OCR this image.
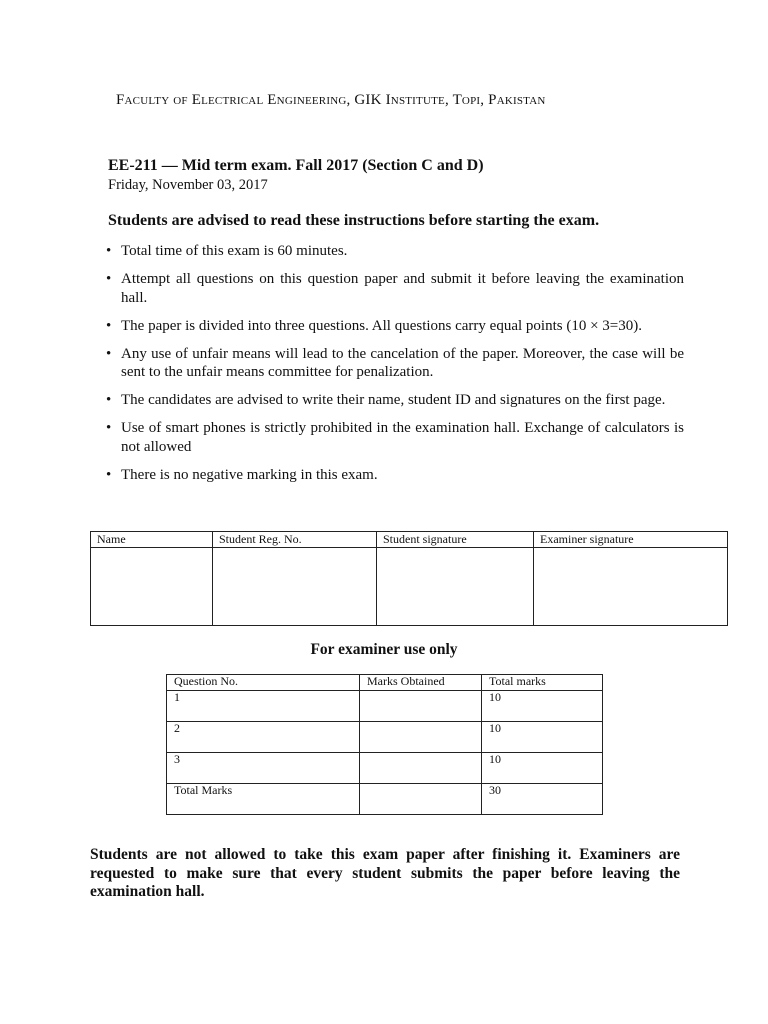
Faculty of Electrical Engineering, GIK Institute, Topi, Pakistan
EE-211 — Mid term exam. Fall 2017 (Section C and D)
Friday, November 03, 2017
Students are advised to read these instructions before starting the exam.
• Total time of this exam is 60 minutes.
• Attempt all questions on this question paper and submit it before leaving the examination hall.
• The paper is divided into three questions. All questions carry equal points (10 × 3=30).
• Any use of unfair means will lead to the cancelation of the paper. Moreover, the case will be sent to the unfair means committee for penalization.
• The candidates are advised to write their name, student ID and signatures on the first page.
• Use of smart phones is strictly prohibited in the examination hall. Exchange of calculators is not allowed
• There is no negative marking in this exam.
Name	Student Reg. No.	Student signature	Examiner signature

For examiner use only
Question No.	Marks Obtained	Total marks
1		10
2		10
3		10
Total Marks		30
Students are not allowed to take this exam paper after finishing it. Examiners are requested to make sure that every student submits the paper before leaving the examination hall.
